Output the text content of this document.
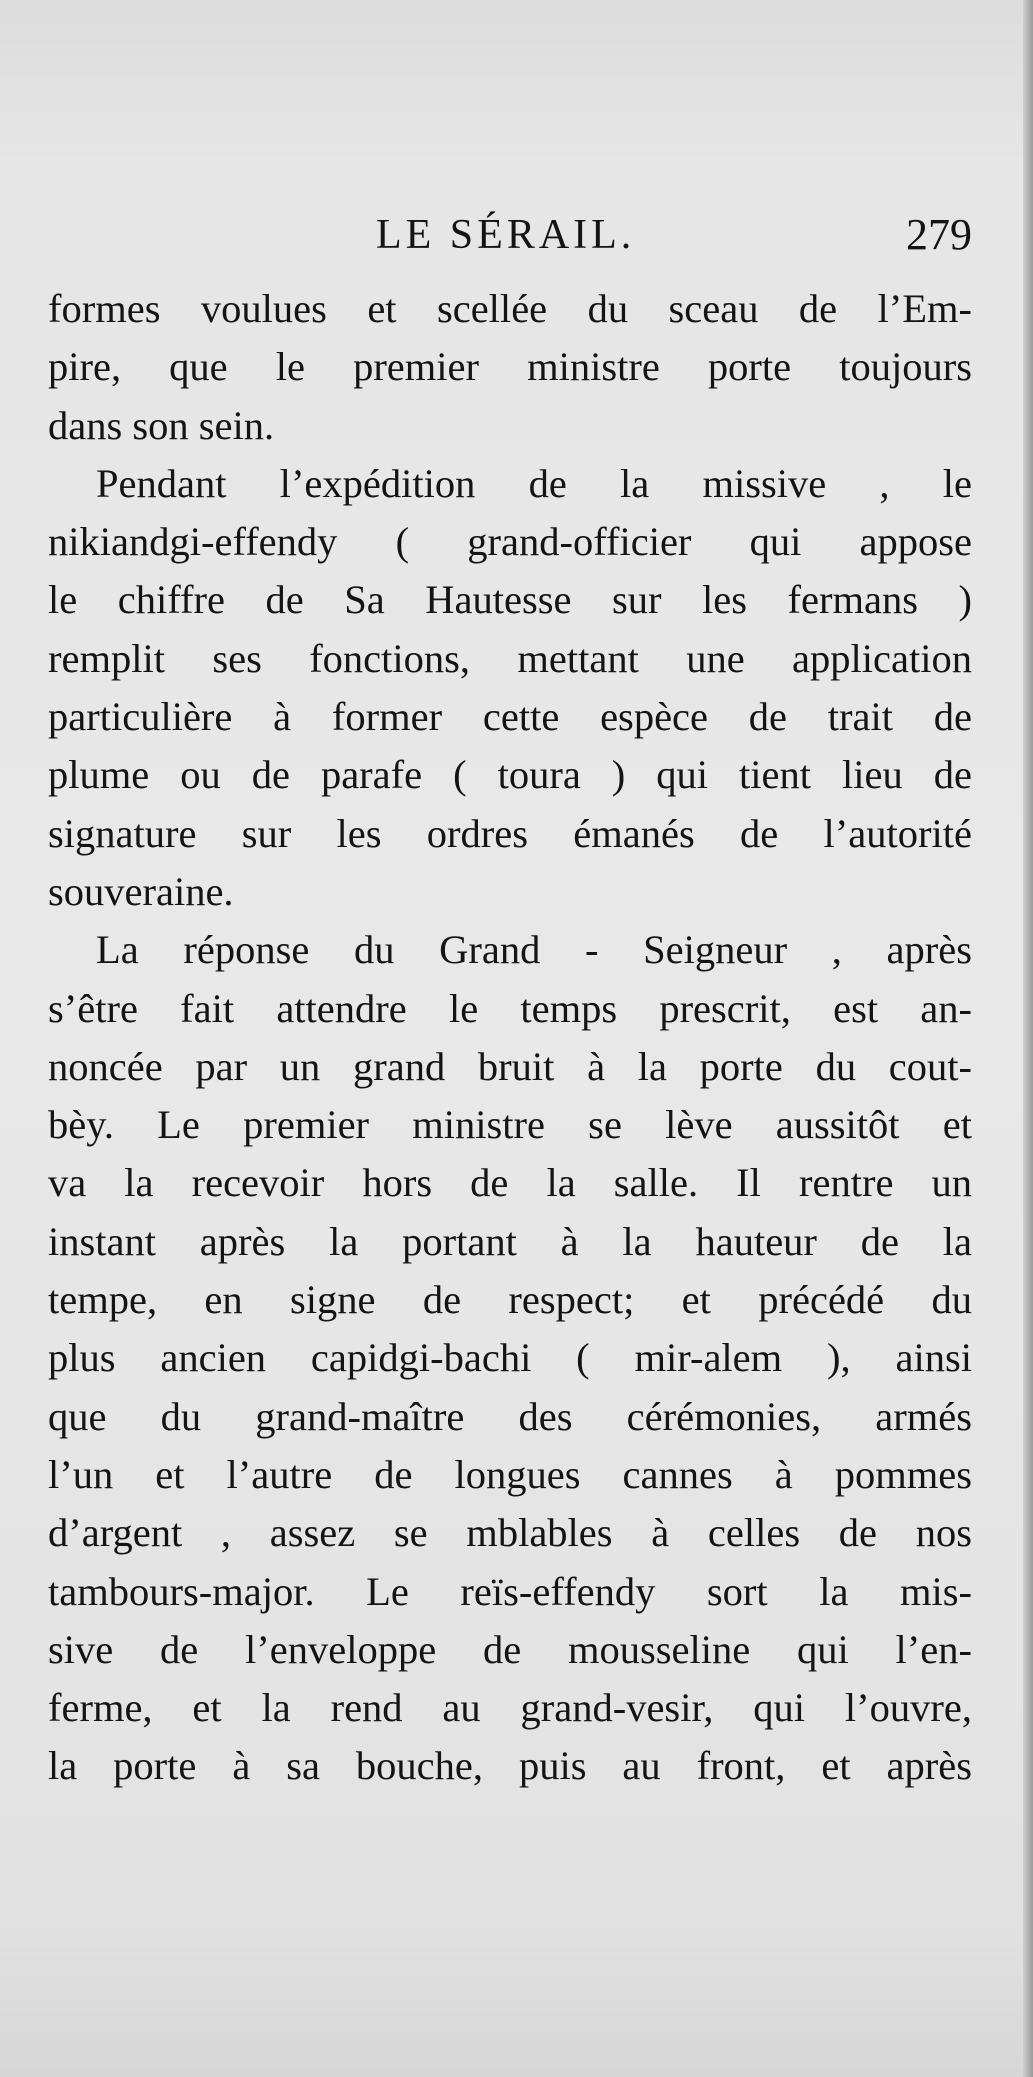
LE SÉRAIL.	279
formes voulues et scellée du sceau de l’Em-
pire, que le premier ministre porte toujours
dans son sein.
Pendant l’expédition de la missive , le
nikiandgi-effendy ( grand-officier qui appose
le chiffre de Sa Hautesse sur les fermans )
remplit ses fonctions, mettant une application
particulière à former cette espèce de trait de
plume ou de parafe ( toura ) qui tient lieu de
signature sur les ordres émanés de l’autorité
souveraine.
La réponse du Grand - Seigneur , après
s’être fait attendre le temps prescrit, est an-
noncée par un grand bruit à la porte du cout-
bèy. Le premier ministre se lève aussitôt et
va la recevoir hors de la salle. Il rentre un
instant après la portant à la hauteur de la
tempe, en signe de respect; et précédé du
plus ancien capidgi-bachi ( mir-alem ), ainsi
que du grand-maître des cérémonies, armés
l’un et l’autre de longues cannes à pommes
d’argent , assez se mblables à celles de nos
tambours-major. Le reïs-effendy sort la mis-
sive de l’enveloppe de mousseline qui l’en-
ferme, et la rend au grand-vesir, qui l’ouvre,
la porte à sa bouche, puis au front, et après
